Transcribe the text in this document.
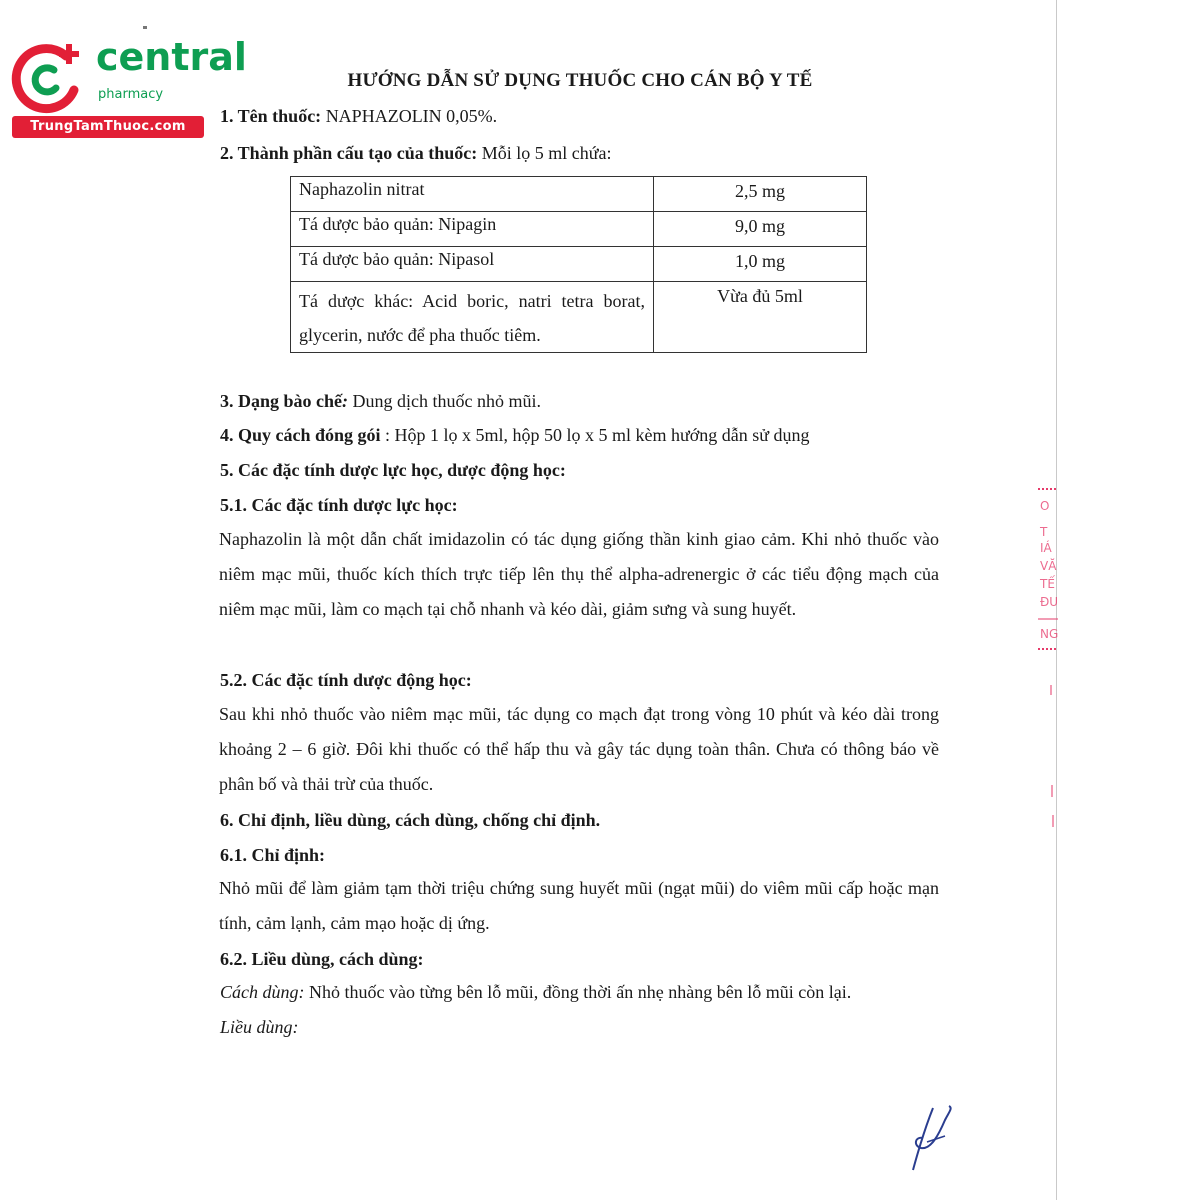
central
pharmacy
TrungTamThuoc.com
HƯỚNG DẪN SỬ DỤNG THUỐC CHO CÁN BỘ Y TẾ
1. Tên thuốc: NAPHAZOLIN 0,05%.
2. Thành phần cấu tạo của thuốc: Mỗi lọ 5 ml chứa:
Naphazolin nitrat	2,5 mg
Tá dược bảo quản: Nipagin	9,0 mg
Tá dược bảo quản: Nipasol	1,0 mg

Tá dược khác: Acid boric, natri tetra borat, glycerin, nước để pha thuốc tiêm.	Vừa đủ 5ml
3. Dạng bào chế: Dung dịch thuốc nhỏ mũi.
4. Quy cách đóng gói : Hộp 1 lọ x 5ml, hộp 50 lọ x 5 ml kèm hướng dẫn sử dụng
5. Các đặc tính dược lực học, dược động học:
5.1. Các đặc tính dược lực học:
Naphazolin là một dẫn chất imidazolin có tác dụng giống thần kinh giao cảm. Khi nhỏ thuốc vào niêm mạc mũi, thuốc kích thích trực tiếp lên thụ thể alpha-adrenergic ở các tiểu động mạch của niêm mạc mũi, làm co mạch tại chỗ nhanh và kéo dài, giảm sưng và sung huyết.
5.2. Các đặc tính dược động học:
Sau khi nhỏ thuốc vào niêm mạc mũi, tác dụng co mạch đạt trong vòng 10 phút và kéo dài trong khoảng 2 – 6 giờ. Đôi khi thuốc có thể hấp thu và gây tác dụng toàn thân. Chưa có thông báo về phân bố và thải trừ của thuốc.
6. Chỉ định, liều dùng, cách dùng, chống chỉ định.
6.1. Chỉ định:
Nhỏ mũi để làm giảm tạm thời triệu chứng sung huyết mũi (ngạt mũi) do viêm mũi cấp hoặc mạn tính, cảm lạnh, cảm mạo hoặc dị ứng.
6.2. Liều dùng, cách dùng:
Cách dùng: Nhỏ thuốc vào từng bên lỗ mũi, đồng thời ấn nhẹ nhàng bên lỗ mũi còn lại.
Liều dùng:
O
T
IÁ
VĂ
TẾ
ĐU
NG
